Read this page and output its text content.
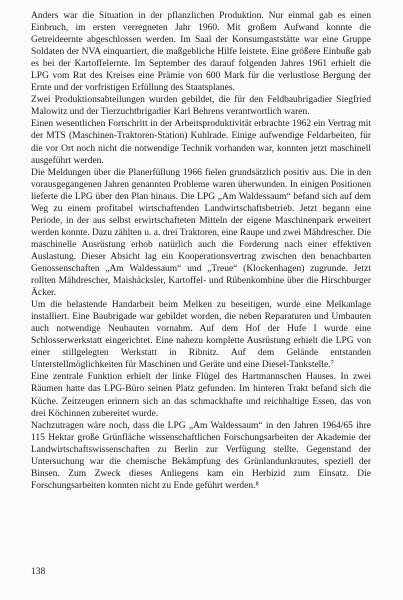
Anders war die Situation in der pflanzlichen Produktion. Nur einmal gab es einen Einbruch, im ersten verregneten Jahr 1960. Mit großem Aufwand konnte die Getreideernte abgeschlossen werden. Im Saal der Konsumgaststätte war eine Gruppe Soldaten der NVA einquartiert, die maßgebliche Hilfe leistete. Eine größere Einbuße gab es bei der Kartoffelernte. Im September des darauf folgenden Jahres 1961 erhielt die LPG vom Rat des Kreises eine Prämie von 600 Mark für die verlustlose Bergung der Ernte und der vorfristigen Erfüllung des Staatsplanes.

Zwei Produktionsabteilungen wurden gebildet, die für den Feldbaubrigadier Siegfried Malowitz und der Tierzuchtbrigadier Karl Behrens verantwortlich waren.

Einen wesentlichen Fortschritt in der Arbeitsproduktivität erbrachte 1962 ein Vertrag mit der MTS (Maschinen-Traktoren-Station) Kuhlrade. Einige aufwendige Feldarbeiten, für die vor Ort noch nicht die notwendige Technik vorhanden war, konnten jetzt maschinell ausgeführt werden.

Die Meldungen über die Planerfüllung 1966 fielen grundsätzlich positiv aus. Die in den vorausgegangenen Jahren genannten Probleme waren überwunden. In einigen Positionen lieferte die LPG über den Plan hinaus. Die LPG „Am Waldessaum“ befand sich auf dem Weg zu einem profitabel wirtschaftenden Landwirtschaftsbetrieb. Jetzt begann eine Periode, in der aus selbst erwirtschafteten Mitteln der eigene Maschinenpark erweitert werden konnte. Dazu zählten u. a. drei Traktoren, eine Raupe und zwei Mähdrescher. Die maschinelle Ausrüstung erhob natürlich auch die Forderung nach einer effektiven Auslastung. Dieser Absicht lag ein Kooperationsvertrag zwischen den benachbarten Genossenschaften „Am Waldessaum“ und „Treue“ (Klockenhagen) zugrunde. Jetzt rollten Mähdrescher, Maishäcksler, Kartoffel- und Rübenkombine über die Hirschburger Äcker.

Um die belastende Handarbeit beim Melken zu beseitigen, wurde eine Melkanlage installiert. Eine Baubrigade war gebildet worden, die neben Reparaturen und Umbauten auch notwendige Neubauten vornahm. Auf dem Hof der Hufe I wurde eine Schlosserwerkstatt eingerichtet. Eine nahezu komplette Ausrüstung erhielt die LPG von einer stillgelegten Werkstatt in Ribnitz. Auf dem Gelände entstanden Unterstellmöglichkeiten für Maschinen und Geräte und eine Diesel-Tankstelle.⁷

Eine zentrale Funktion erhielt der linke Flügel des Hartmannschen Hauses. In zwei Räumen hatte das LPG-Büro seinen Platz gefunden. Im hinteren Trakt befand sich die Küche. Zeitzeugen erinnern sich an das schmackhafte und reichhaltige Essen, das von drei Köchinnen zubereitet wurde.

Nachzutragen wäre noch, dass die LPG „Am Waldessaum“ in den Jahren 1964/65 ihre 115 Hektar große Grünfläche wissenschaftlichen Forschungsarbeiten der Akademie der Landwirtschaftswissenschaften zu Berlin zur Verfügung stellte. Gegenstand der Untersuchung war die chemische Bekämpfung des Grünlandunkrautes, speziell der Binsen. Zum Zweck dieses Anliegens kam ein Herbizid zum Einsatz. Die Forschungsarbeiten konnten nicht zu Ende geführt werden.⁸

138
